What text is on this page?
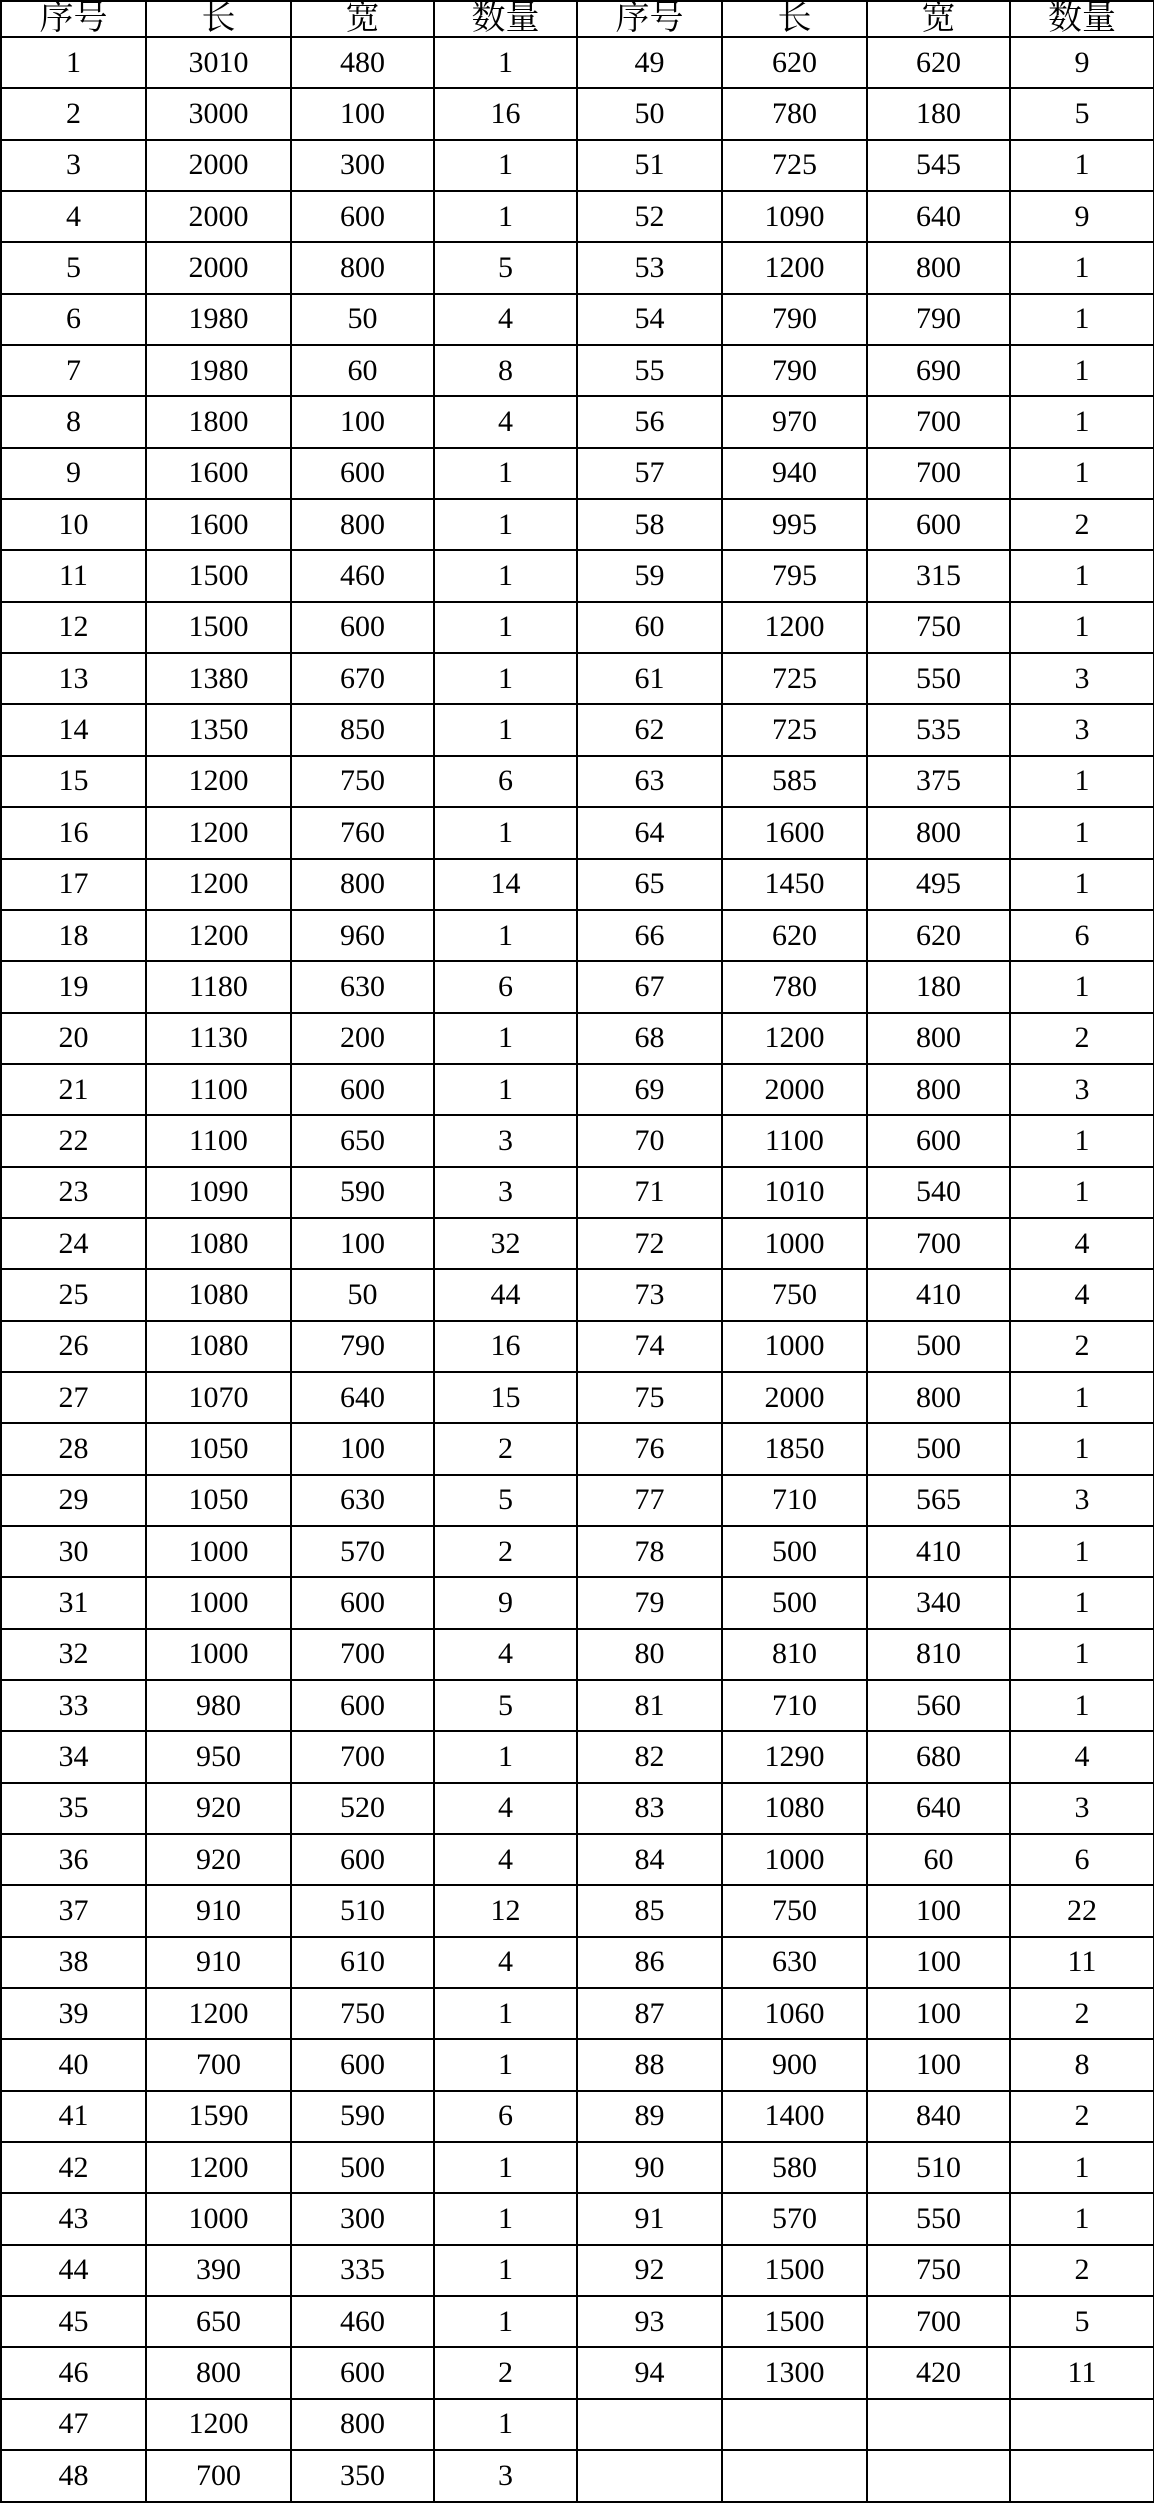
序号	长	宽	数量	序号	长	宽	数量
1	3010	480	1	49	620	620	9
2	3000	100	16	50	780	180	5
3	2000	300	1	51	725	545	1
4	2000	600	1	52	1090	640	9
5	2000	800	5	53	1200	800	1
6	1980	50	4	54	790	790	1
7	1980	60	8	55	790	690	1
8	1800	100	4	56	970	700	1
9	1600	600	1	57	940	700	1
10	1600	800	1	58	995	600	2
11	1500	460	1	59	795	315	1
12	1500	600	1	60	1200	750	1
13	1380	670	1	61	725	550	3
14	1350	850	1	62	725	535	3
15	1200	750	6	63	585	375	1
16	1200	760	1	64	1600	800	1
17	1200	800	14	65	1450	495	1
18	1200	960	1	66	620	620	6
19	1180	630	6	67	780	180	1
20	1130	200	1	68	1200	800	2
21	1100	600	1	69	2000	800	3
22	1100	650	3	70	1100	600	1
23	1090	590	3	71	1010	540	1
24	1080	100	32	72	1000	700	4
25	1080	50	44	73	750	410	4
26	1080	790	16	74	1000	500	2
27	1070	640	15	75	2000	800	1
28	1050	100	2	76	1850	500	1
29	1050	630	5	77	710	565	3
30	1000	570	2	78	500	410	1
31	1000	600	9	79	500	340	1
32	1000	700	4	80	810	810	1
33	980	600	5	81	710	560	1
34	950	700	1	82	1290	680	4
35	920	520	4	83	1080	640	3
36	920	600	4	84	1000	60	6
37	910	510	12	85	750	100	22
38	910	610	4	86	630	100	11
39	1200	750	1	87	1060	100	2
40	700	600	1	88	900	100	8
41	1590	590	6	89	1400	840	2
42	1200	500	1	90	580	510	1
43	1000	300	1	91	570	550	1
44	390	335	1	92	1500	750	2
45	650	460	1	93	1500	700	5
46	800	600	2	94	1300	420	11
47	1200	800	1				
48	700	350	3				
